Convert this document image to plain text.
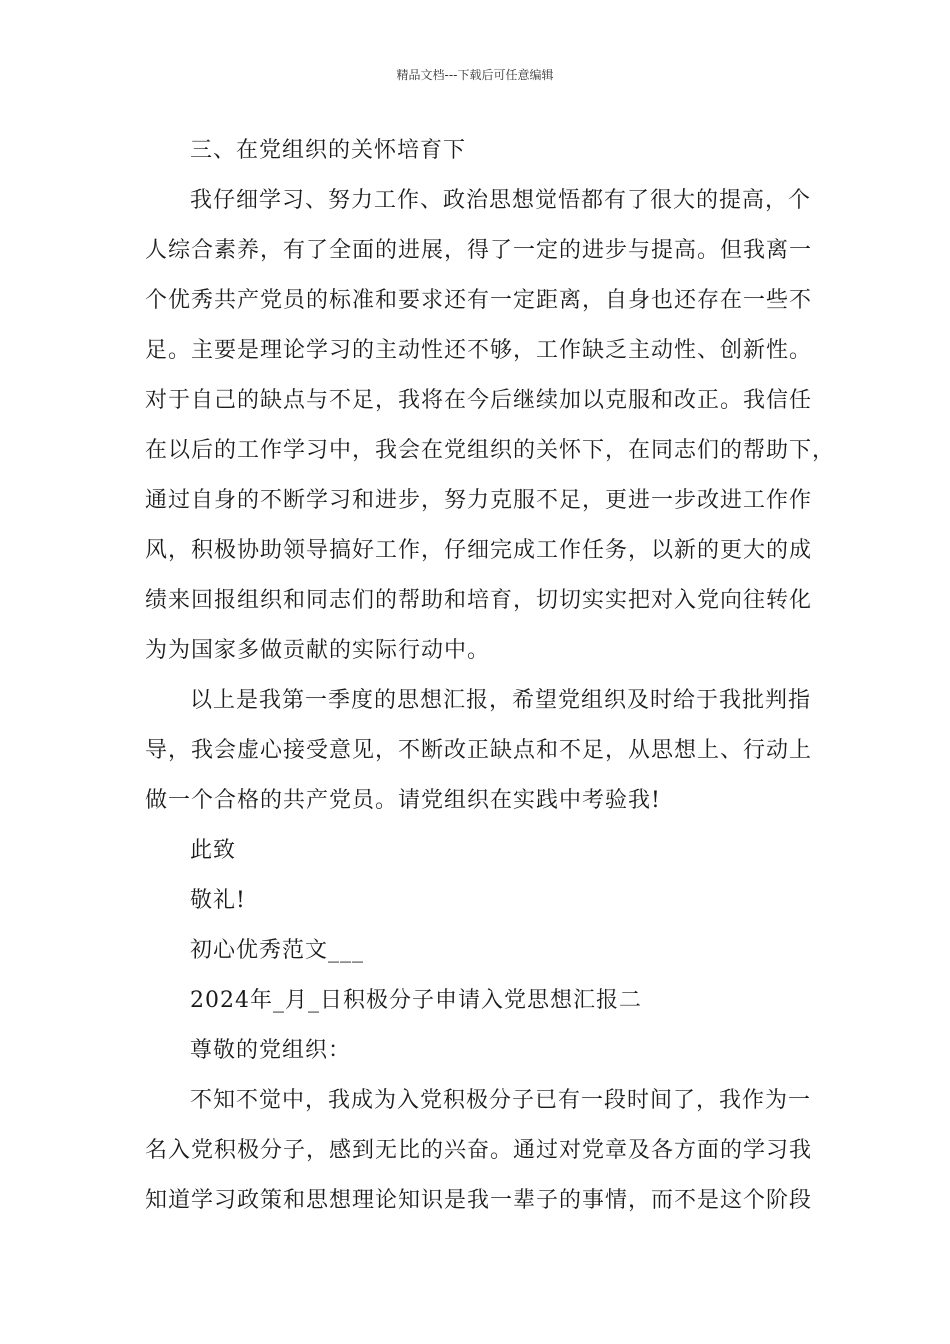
精品文档---下载后可任意编辑
三、在党组织的关怀培育下
我仔细学习、努力工作、政治思想觉悟都有了很大的提高，个
人综合素养，有了全面的进展，得了一定的进步与提高。但我离一
个优秀共产党员的标准和要求还有一定距离，自身也还存在一些不
足。主要是理论学习的主动性还不够，工作缺乏主动性、创新性。
对于自己的缺点与不足，我将在今后继续加以克服和改正。我信任
在以后的工作学习中，我会在党组织的关怀下，在同志们的帮助下，
通过自身的不断学习和进步，努力克服不足，更进一步改进工作作
风，积极协助领导搞好工作，仔细完成工作任务，以新的更大的成
绩来回报组织和同志们的帮助和培育，切切实实把对入党向往转化
为为国家多做贡献的实际行动中。
以上是我第一季度的思想汇报，希望党组织及时给于我批判指
导，我会虚心接受意见，不断改正缺点和不足，从思想上、行动上
做一个合格的共产党员。请党组织在实践中考验我!
此致
敬礼!
初心优秀范文___
2024年_月_日积极分子申请入党思想汇报二
尊敬的党组织：
不知不觉中，我成为入党积极分子已有一段时间了，我作为一
名入党积极分子，感到无比的兴奋。通过对党章及各方面的学习我
知道学习政策和思想理论知识是我一辈子的事情，而不是这个阶段
